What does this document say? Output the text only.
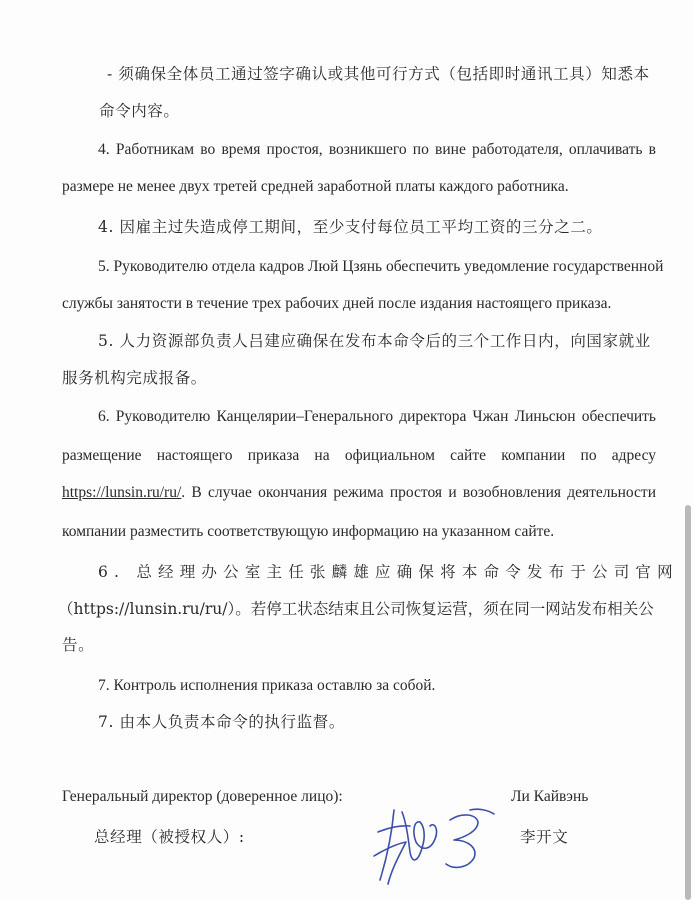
- 须确保全体员工通过签字确认或其他可行方式（包括即时通讯工具）知悉本
命令内容。
4. Работникам во время простоя, возникшего по вине работодателя, оплачивать в
размере не менее двух третей средней заработной платы каждого работника.
4. 因雇主过失造成停工期间，至少支付每位员工平均工资的三分之二。
5. Руководителю отдела кадров Люй Цзянь обеспечить уведомление государственной
службы занятости в течение трех рабочих дней после издания настоящего приказа.
5. 人力资源部负责人吕建应确保在发布本命令后的三个工作日内，向国家就业
服务机构完成报备。
6. Руководителю Канцелярии–Генерального директора Чжан Линьсюн обеспечить
размещение настоящего приказа на официальном сайте компании по адресу
https://lunsin.ru/ru/. В случае окончания режима простоя и возобновления деятельности
компании разместить соответствующую информацию на указанном сайте.
6. 总经理办公室主任张麟雄应确保将本命令发布于公司官网
（https://lunsin.ru/ru/）。若停工状态结束且公司恢复运营，须在同一网站发布相关公
告。
7. Контроль исполнения приказа оставлю за собой.
7. 由本人负责本命令的执行监督。
Генеральный директор (доверенное лицо):	Ли Кайвэнь
总经理（被授权人）:	李开文
